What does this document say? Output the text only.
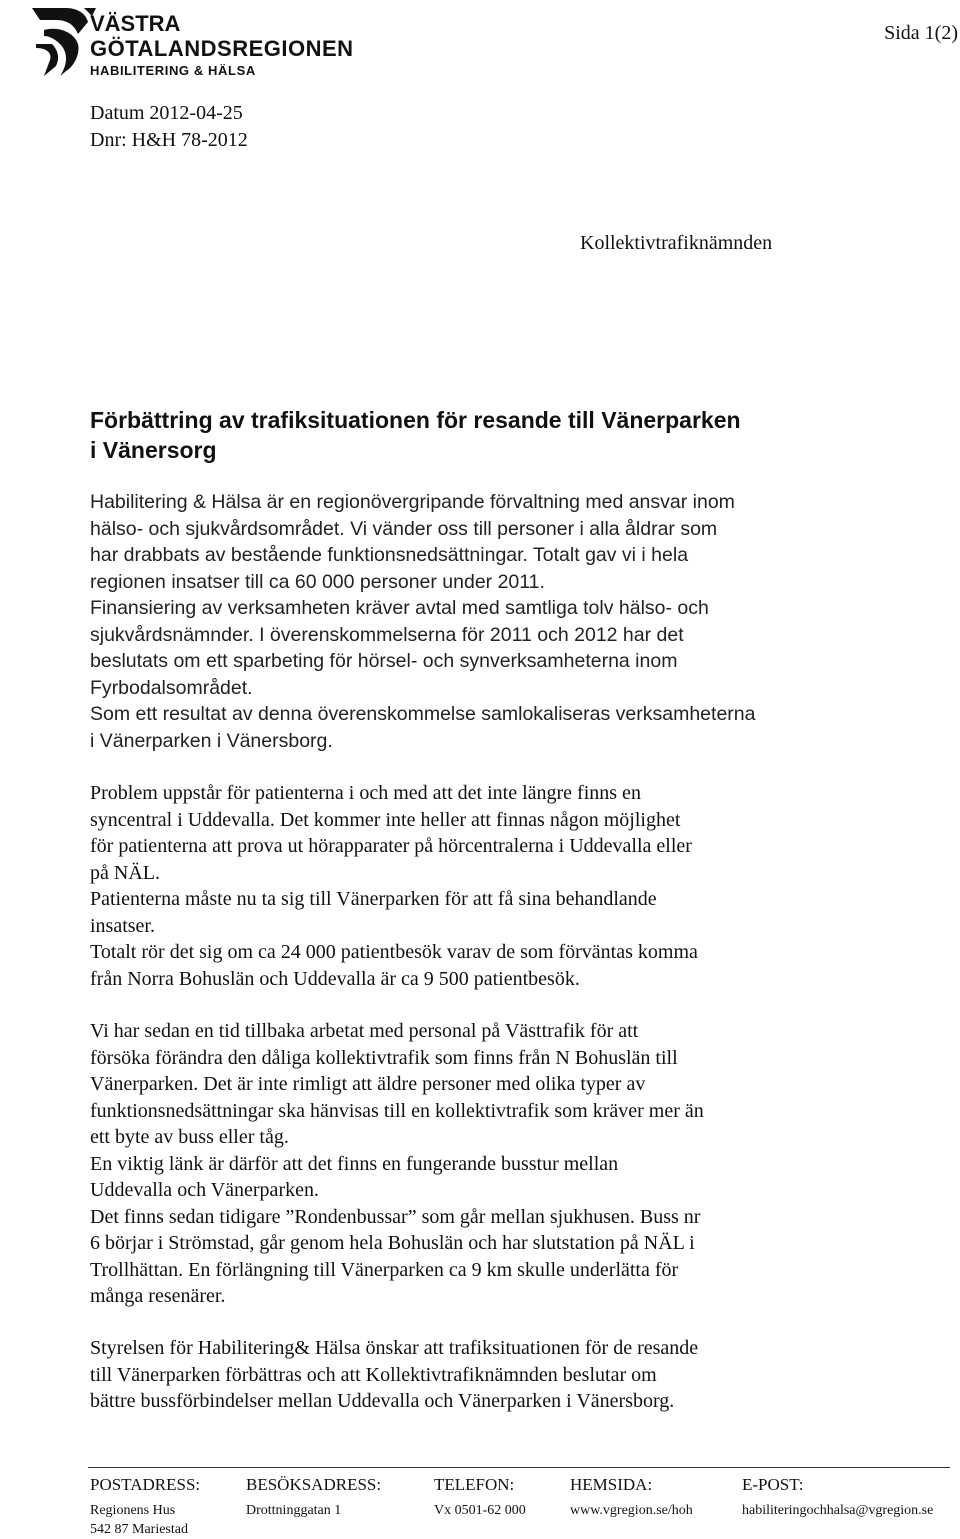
VÄSTRA
GÖTALANDSREGIONEN
HABILITERING & HÄLSA
Sida 1(2)
Datum 2012-04-25
Dnr: H&H 78-2012
Kollektivtrafiknämnden
Förbättring av trafiksituationen för resande till Vänerparken
i Vänersorg
Habilitering & Hälsa är en regionövergripande förvaltning med ansvar inom
hälso- och sjukvårdsområdet. Vi vänder oss till personer i alla åldrar som
har drabbats av bestående funktionsnedsättningar. Totalt gav vi i hela
regionen insatser till ca 60 000 personer under 2011.
Finansiering av verksamheten kräver avtal med samtliga tolv hälso- och
sjukvårdsnämnder. I överenskommelserna för 2011 och 2012 har det
beslutats om ett sparbeting för hörsel- och synverksamheterna inom
Fyrbodalsområdet.
Som ett resultat av denna överenskommelse samlokaliseras verksamheterna
i Vänerparken i Vänersborg.
Problem uppstår för patienterna i och med att det inte längre finns en
syncentral i Uddevalla. Det kommer inte heller att finnas någon möjlighet
för patienterna att prova ut hörapparater på hörcentralerna i Uddevalla eller
på NÄL.
Patienterna måste nu ta sig till Vänerparken för att få sina behandlande
insatser.
Totalt rör det sig om ca 24 000 patientbesök varav de som förväntas komma
från Norra Bohuslän och Uddevalla är ca 9 500 patientbesök.
Vi har sedan en tid tillbaka arbetat med personal på Västtrafik för att
försöka förändra den dåliga kollektivtrafik som finns från N Bohuslän till
Vänerparken. Det är inte rimligt att äldre personer med olika typer av
funktionsnedsättningar ska hänvisas till en kollektivtrafik som kräver mer än
ett byte av buss eller tåg.
En viktig länk är därför att det finns en fungerande busstur mellan
Uddevalla och Vänerparken.
Det finns sedan tidigare ”Rondenbussar” som går mellan sjukhusen. Buss nr
6 börjar i Strömstad, går genom hela Bohuslän och har slutstation på NÄL i
Trollhättan. En förlängning till Vänerparken ca 9 km skulle underlätta för
många resenärer.
Styrelsen för Habilitering& Hälsa önskar att trafiksituationen för de resande
till Vänerparken förbättras och att Kollektivtrafiknämnden beslutar om
bättre bussförbindelser mellan Uddevalla och Vänerparken i Vänersborg.
POSTADRESS:
Regionens Hus
542 87 Mariestad
BESÖKSADRESS:
Drottninggatan 1
TELEFON:
Vx 0501-62 000
HEMSIDA:
www.vgregion.se/hoh
E-POST:
habiliteringochhalsa@vgregion.se
